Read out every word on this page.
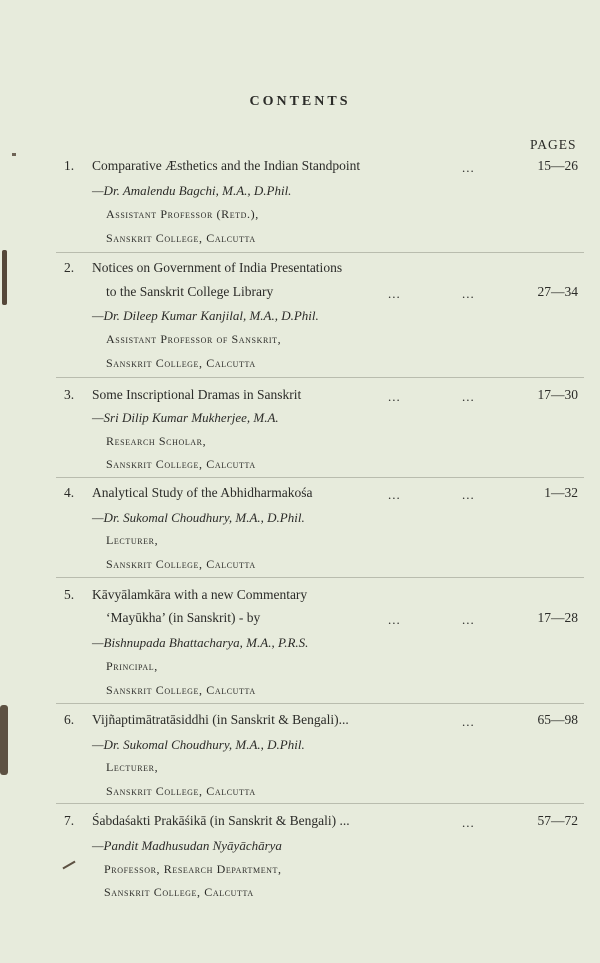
CONTENTS
PAGES
1. Comparative Æsthetics and the Indian Standpoint	...	15—26
—Dr. Amalendu Bagchi, M.A., D.Phil.
Assistant Professor (Retd.),
Sanskrit College, Calcutta
2. Notices on Government of India Presentations
to the Sanskrit College Library	...	...	27—34
—Dr. Dileep Kumar Kanjilal, M.A., D.Phil.
Assistant Professor of Sanskrit,
Sanskrit College, Calcutta
3. Some Inscriptional Dramas in Sanskrit	...	...	17—30
—Sri Dilip Kumar Mukherjee, M.A.
Research Scholar,
Sanskrit College, Calcutta
4. Analytical Study of the Abhidharmakośa	...	...	1—32
—Dr. Sukomal Choudhury, M.A., D.Phil.
Lecturer,
Sanskrit College, Calcutta
5. Kāvyālamkāra with a new Commentary
‘Mayūkha’ (in Sanskrit) - by	...	...	17—28
—Bishnupada Bhattacharya, M.A., P.R.S.
Principal,
Sanskrit College, Calcutta
6. Vijñaptimātratāsiddhi (in Sanskrit & Bengali)...	...	65—98
—Dr. Sukomal Choudhury, M.A., D.Phil.
Lecturer,
Sanskrit College, Calcutta
7. Śabdaśakti Prakāśikā (in Sanskrit & Bengali) ...	...	57—72
—Pandit Madhusudan Nyāyāchārya
Professor, Research Department,
Sanskrit College, Calcutta
